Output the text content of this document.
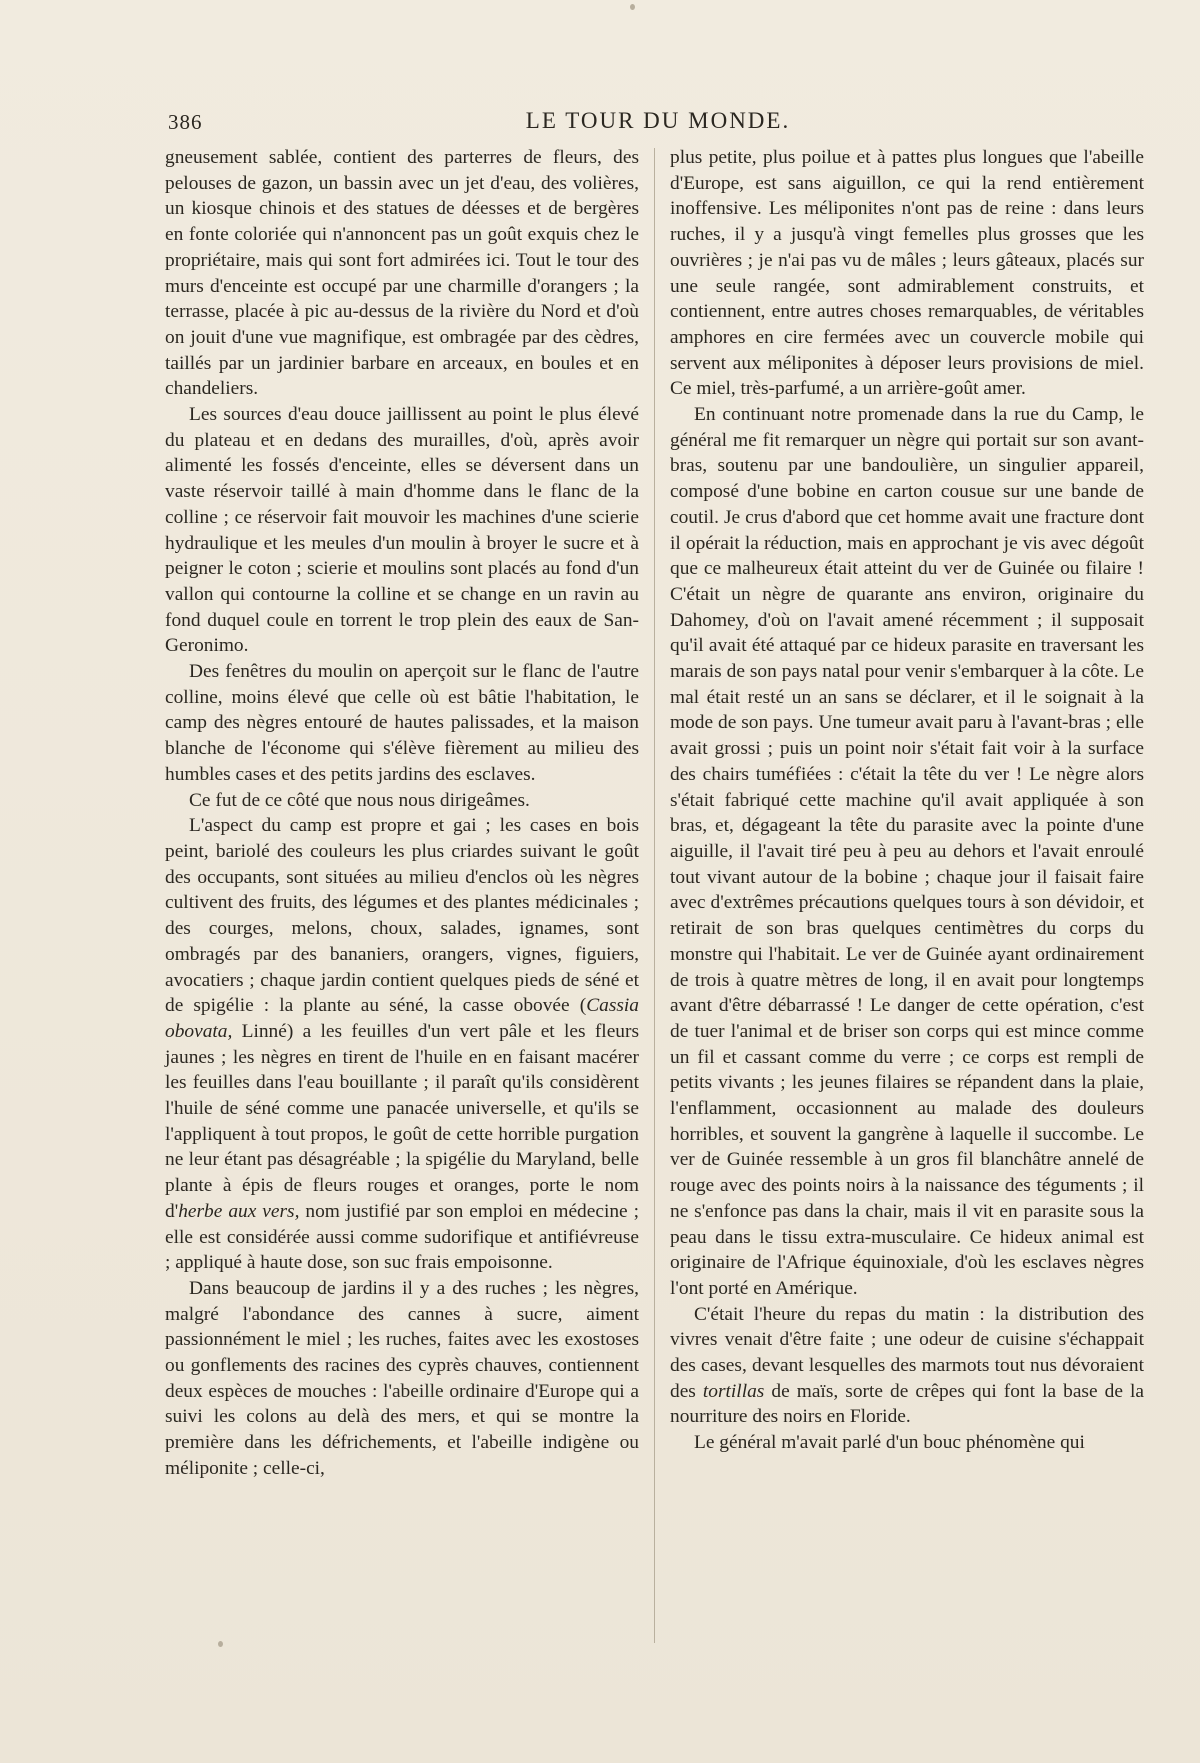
386	LE TOUR DU MONDE.

gneusement sablée, contient des parterres de fleurs, des pelouses de gazon, un bassin avec un jet d'eau, des volières, un kiosque chinois et des statues de déesses et de bergères en fonte coloriée qui n'annoncent pas un goût exquis chez le propriétaire, mais qui sont fort admirées ici. Tout le tour des murs d'enceinte est occupé par une charmille d'orangers ; la terrasse, placée à pic au-dessus de la rivière du Nord et d'où on jouit d'une vue magnifique, est ombragée par des cèdres, taillés par un jardinier barbare en arceaux, en boules et en chandeliers.

Les sources d'eau douce jaillissent au point le plus élevé du plateau et en dedans des murailles, d'où, après avoir alimenté les fossés d'enceinte, elles se déversent dans un vaste réservoir taillé à main d'homme dans le flanc de la colline ; ce réservoir fait mouvoir les machines d'une scierie hydraulique et les meules d'un moulin à broyer le sucre et à peigner le coton ; scierie et moulins sont placés au fond d'un vallon qui contourne la colline et se change en un ravin au fond duquel coule en torrent le trop plein des eaux de San-Geronimo.

Des fenêtres du moulin on aperçoit sur le flanc de l'autre colline, moins élevé que celle où est bâtie l'habitation, le camp des nègres entouré de hautes palissades, et la maison blanche de l'économe qui s'élève fièrement au milieu des humbles cases et des petits jardins des esclaves.

Ce fut de ce côté que nous nous dirigeâmes.

L'aspect du camp est propre et gai ; les cases en bois peint, bariolé des couleurs les plus criardes suivant le goût des occupants, sont situées au milieu d'enclos où les nègres cultivent des fruits, des légumes et des plantes médicinales ; des courges, melons, choux, salades, ignames, sont ombragés par des bananiers, orangers, vignes, figuiers, avocatiers ; chaque jardin contient quelques pieds de séné et de spigélie : la plante au séné, la casse obovée (Cassia obovata, Linné) a les feuilles d'un vert pâle et les fleurs jaunes ; les nègres en tirent de l'huile en en faisant macérer les feuilles dans l'eau bouillante ; il paraît qu'ils considèrent l'huile de séné comme une panacée universelle, et qu'ils se l'appliquent à tout propos, le goût de cette horrible purgation ne leur étant pas désagréable ; la spigélie du Maryland, belle plante à épis de fleurs rouges et oranges, porte le nom d'herbe aux vers, nom justifié par son emploi en médecine ; elle est considérée aussi comme sudorifique et antifiévreuse ; appliqué à haute dose, son suc frais empoisonne.

Dans beaucoup de jardins il y a des ruches ; les nègres, malgré l'abondance des cannes à sucre, aiment passionnément le miel ; les ruches, faites avec les exostoses ou gonflements des racines des cyprès chauves, contiennent deux espèces de mouches : l'abeille ordinaire d'Europe qui a suivi les colons au delà des mers, et qui se montre la première dans les défrichements, et l'abeille indigène ou méliponite ; celle-ci,

plus petite, plus poilue et à pattes plus longues que l'abeille d'Europe, est sans aiguillon, ce qui la rend entièrement inoffensive. Les méliponites n'ont pas de reine : dans leurs ruches, il y a jusqu'à vingt femelles plus grosses que les ouvrières ; je n'ai pas vu de mâles ; leurs gâteaux, placés sur une seule rangée, sont admirablement construits, et contiennent, entre autres choses remarquables, de véritables amphores en cire fermées avec un couvercle mobile qui servent aux méliponites à déposer leurs provisions de miel. Ce miel, très-parfumé, a un arrière-goût amer.

En continuant notre promenade dans la rue du Camp, le général me fit remarquer un nègre qui portait sur son avant-bras, soutenu par une bandoulière, un singulier appareil, composé d'une bobine en carton cousue sur une bande de coutil. Je crus d'abord que cet homme avait une fracture dont il opérait la réduction, mais en approchant je vis avec dégoût que ce malheureux était atteint du ver de Guinée ou filaire ! C'était un nègre de quarante ans environ, originaire du Dahomey, d'où on l'avait amené récemment ; il supposait qu'il avait été attaqué par ce hideux parasite en traversant les marais de son pays natal pour venir s'embarquer à la côte. Le mal était resté un an sans se déclarer, et il le soignait à la mode de son pays. Une tumeur avait paru à l'avant-bras ; elle avait grossi ; puis un point noir s'était fait voir à la surface des chairs tuméfiées : c'était la tête du ver ! Le nègre alors s'était fabriqué cette machine qu'il avait appliquée à son bras, et, dégageant la tête du parasite avec la pointe d'une aiguille, il l'avait tiré peu à peu au dehors et l'avait enroulé tout vivant autour de la bobine ; chaque jour il faisait faire avec d'extrêmes précautions quelques tours à son dévidoir, et retirait de son bras quelques centimètres du corps du monstre qui l'habitait. Le ver de Guinée ayant ordinairement de trois à quatre mètres de long, il en avait pour longtemps avant d'être débarrassé ! Le danger de cette opération, c'est de tuer l'animal et de briser son corps qui est mince comme un fil et cassant comme du verre ; ce corps est rempli de petits vivants ; les jeunes filaires se répandent dans la plaie, l'enflamment, occasionnent au malade des douleurs horribles, et souvent la gangrène à laquelle il succombe. Le ver de Guinée ressemble à un gros fil blanchâtre annelé de rouge avec des points noirs à la naissance des téguments ; il ne s'enfonce pas dans la chair, mais il vit en parasite sous la peau dans le tissu extra-musculaire. Ce hideux animal est originaire de l'Afrique équinoxiale, d'où les esclaves nègres l'ont porté en Amérique.

C'était l'heure du repas du matin : la distribution des vivres venait d'être faite ; une odeur de cuisine s'échappait des cases, devant lesquelles des marmots tout nus dévoraient des tortillas de maïs, sorte de crêpes qui font la base de la nourriture des noirs en Floride.

Le général m'avait parlé d'un bouc phénomène qui
